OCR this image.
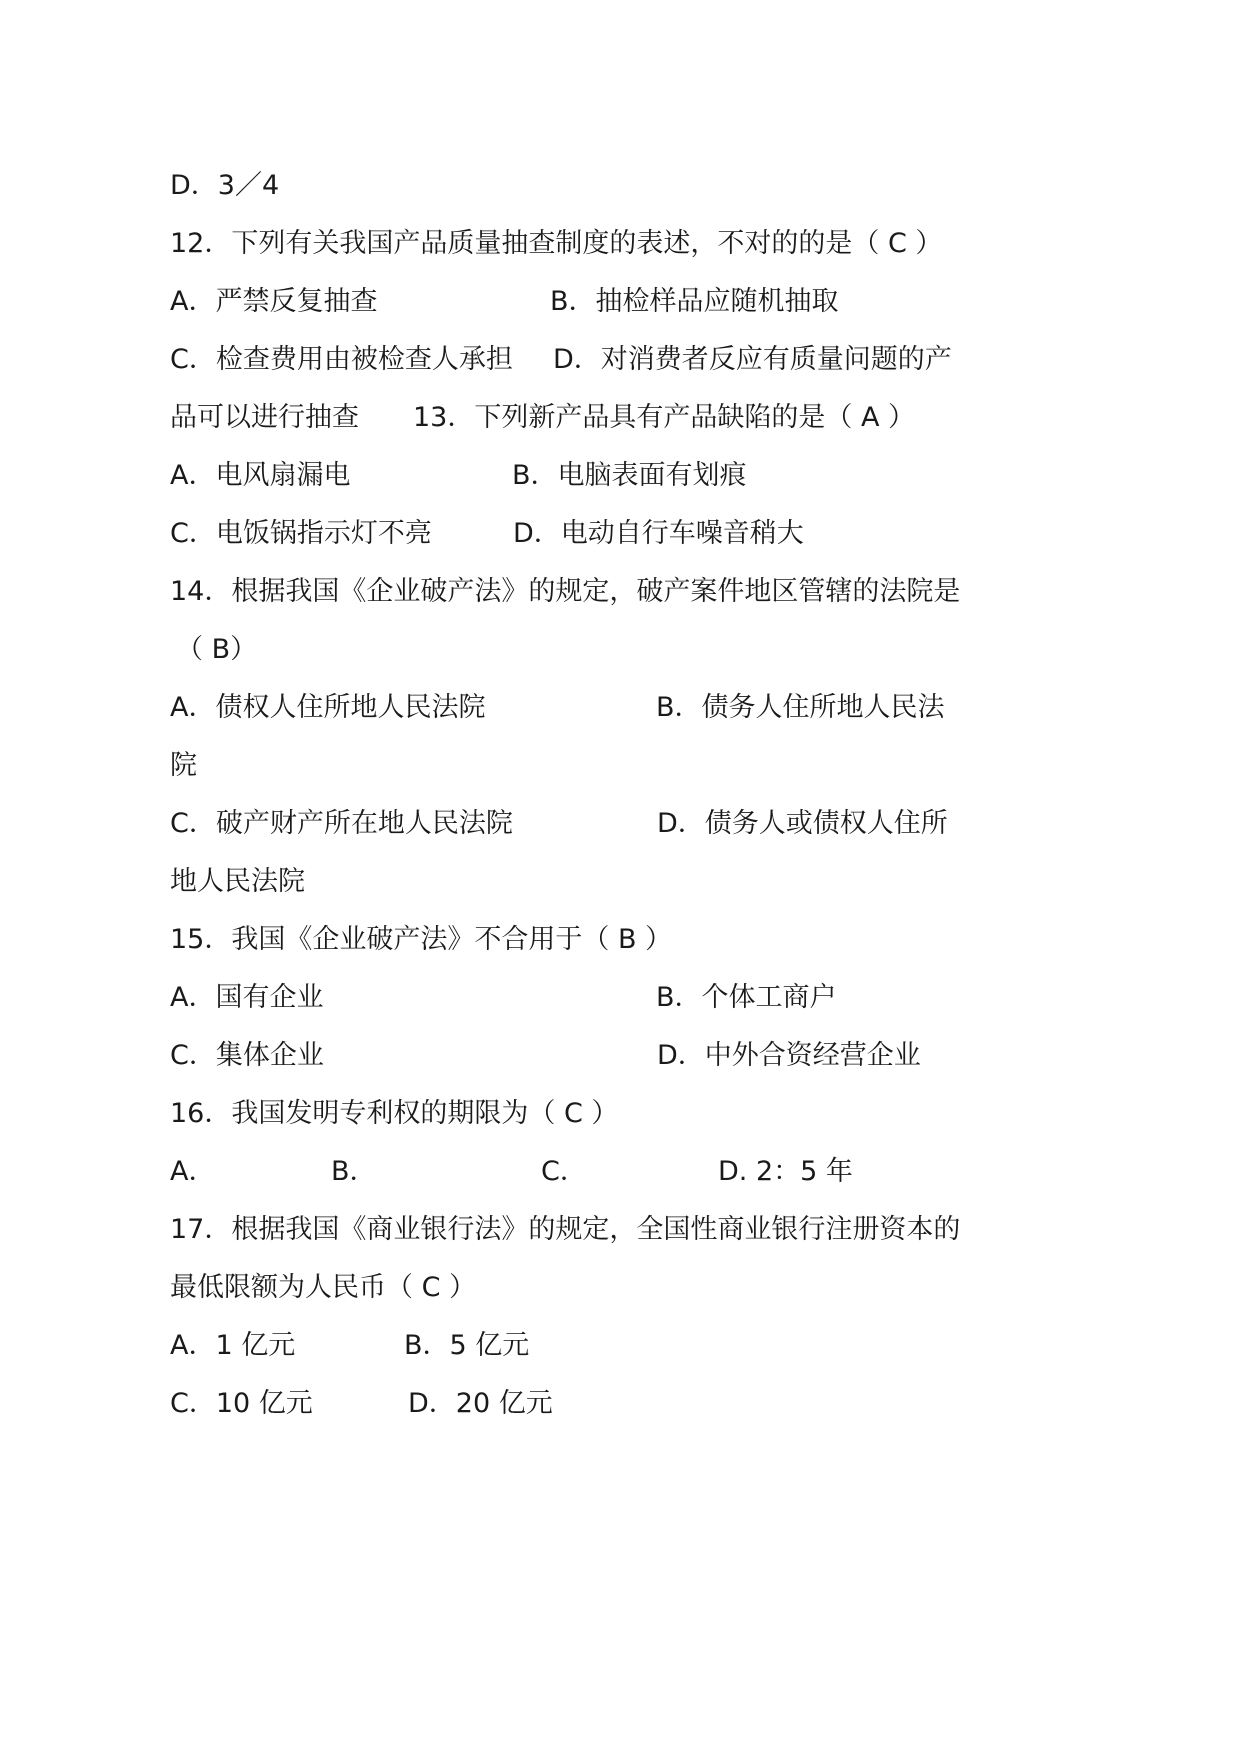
D．3／4
12．下列有关我国产品质量抽查制度的表述，不对的的是（ C ）
A．严禁反复抽查	B．抽检样品应随机抽取
C．检查费用由被检查人承担 D．对消费者反应有质量问题的产
品可以进行抽查 13．下列新产品具有产品缺陷的是（ A ）
A．电风扇漏电	B．电脑表面有划痕
C．电饭锅指示灯不亮	D．电动自行车噪音稍大
14．根据我国《企业破产法》的规定，破产案件地区管辖的法院是
（ B）
A．债权人住所地人民法院	B．债务人住所地人民法
院
C．破产财产所在地人民法院	D．债务人或债权人住所
地人民法院
15．我国《企业破产法》不合用于（ B ）
A．国有企业	B．个体工商户
C．集体企业	D．中外合资经营企业
16．我国发明专利权的期限为（ C ）
A．	B．	C．	D. 2：5 年
17．根据我国《商业银行法》的规定，全国性商业银行注册资本的
最低限额为人民币（ C ）
A．1 亿元	B．5 亿元
C．10 亿元	D．20 亿元
